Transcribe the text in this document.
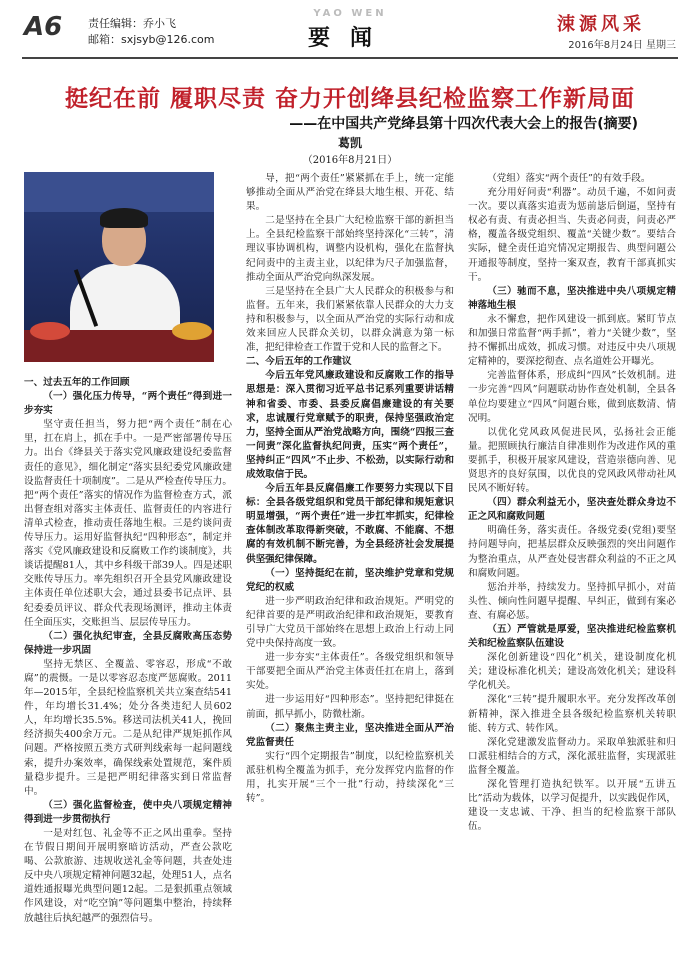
A6 责任编辑：乔小飞
邮箱：sxjsyb@126.com
YAO WEN
要闻
涑源风采
2016年8月24日 星期三
挺纪在前 履职尽责 奋力开创绛县纪检监察工作新局面
——在中国共产党绛县第十四次代表大会上的报告(摘要)
葛凯
（2016年8月21日）

一、过去五年的工作回顾

（一）强化压力传导，“两个责任”得到进一步夯实

坚守责任担当，努力把“两个责任”制在心里，扛在肩上，抓在手中。一是严密部署传导压力。出台《绛县关于落实党风廉政建设纪委监督责任的意见》，细化制定“落实县纪委党风廉政建设监督责任十项制度”。二是从严检查传导压力。把“两个责任”落实的情况作为监督检查方式，派出督查组对落实主体责任、监督责任的内容进行清单式检查，推动责任落地生根。三是约谈问责传导压力。运用好监督执纪“四种形态”，制定并落实《党风廉政建设和反腐败工作约谈制度》，共谈话提醒81人，其中乡科级干部39人。四是述职交账传导压力。率先组织召开全县党风廉政建设主体责任单位述职大会，通过县委书记点评、县纪委委员评议、群众代表现场测评，推动主体责任全面压实，交账担当、层层传导压力。

（二）强化执纪审查，全县反腐败高压态势保持进一步巩固

坚持无禁区、全覆盖、零容忍，形成“不敢腐”的震慑。一是以零容忍态度严惩腐败。2011年—2015年，全县纪检监察机关共立案查结541件，年均增长31.4%；处分各类违纪人员602人，年均增长35.5%。移送司法机关41人，挽回经济损失400余万元。二是从纪律严规矩抓作风问题。严格按照五类方式研判线索每一起问题线索，提升办案效率，确保线索处置规范，案件质量稳步提升。三是把严明纪律落实到日常监督中。

（三）强化监督检查，使中央八项规定精神得到进一步贯彻执行

一是对红包、礼金等不正之风出重拳。坚持在节假日期间开展明察暗访活动，严查公款吃喝、公款旅游、违规收送礼金等问题，共查处违反中央八项规定精神问题32起，处理51人，点名道姓通报曝光典型问题12起。二是狠抓重点领域作风建设，对“吃空饷”等问题集中整治，持续释放越往后执纪越严的强烈信号。

导，把“两个责任”紧紧抓在手上，统一定能够推动全面从严治党在绛县大地生根、开花、结果。

二是坚持在全县广大纪检监察干部的新担当上。全县纪检监察干部始终坚持深化“三转”，清理议事协调机构，调整内设机构，强化在监督执纪问责中的主责主业，以纪律为尺子加强监督，推动全面从严治党向纵深发展。

三是坚持在全县广大人民群众的积极参与和监督。五年来，我们紧紧依靠人民群众的大力支持和积极参与，以全面从严治党的实际行动和成效来回应人民群众关切，以群众满意为第一标准，把纪律检查工作置于党和人民的监督之下。

二、今后五年的工作建议

今后五年党风廉政建设和反腐败工作的指导思想是：深入贯彻习近平总书记系列重要讲话精神和省委、市委、县委反腐倡廉建设的有关要求，忠诚履行党章赋予的职责，保持坚强政治定力，坚持全面从严治党战略方向，围绕“四报三查一问责”深化监督执纪问责，压实“两个责任”，坚持纠正“四风”不止步、不松劲，以实际行动和成效取信于民。

今后五年县反腐倡廉工作要努力实现以下目标：全县各级党组织和党员干部纪律和规矩意识明显增强，“两个责任”进一步扛牢抓实，纪律检查体制改革取得新突破，不敢腐、不能腐、不想腐的有效机制不断完善，为全县经济社会发展提供坚强纪律保障。

（一）坚持挺纪在前，坚决维护党章和党规党纪的权威

进一步严明政治纪律和政治规矩。严明党的纪律首要的是严明政治纪律和政治规矩，要教育引导广大党员干部始终在思想上政治上行动上同党中央保持高度一致。

进一步夯实“主体责任”。各级党组织和领导干部要把全面从严治党主体责任扛在肩上，落到实处。

进一步运用好“四种形态”。坚持把纪律挺在前面，抓早抓小，防微杜渐。

（二）聚焦主责主业，坚决推进全面从严治党监督责任

实行“四个定期报告”制度，以纪检监察机关派驻机构全覆盖为抓手，充分发挥党内监督的作用，扎实开展“三个一批”行动，持续深化“三转”。

（党组）落实“两个责任”的有效手段。

充分用好问责“利器”。动员千遍，不如问责一次。要以真落实追责为惩前毖后倒逼，坚持有权必有责、有责必担当、失责必问责，问责必严格，覆盖各级党组织、覆盖“关键少数”。要结合实际，健全责任追究情况定期报告、典型问题公开通报等制度，坚持一案双查，教育干部真抓实干。

（三）驰而不息，坚决推进中央八项规定精神落地生根

永不懈怠，把作风建设一抓到底。紧盯节点和加强日常监督“两手抓”，着力“关键少数”，坚持不懈抓出成效，抓成习惯。对违反中央八项规定精神的，要深挖彻查、点名道姓公开曝光。

完善监督体系，形成纠“四风”长效机制。进一步完善“四风”问题联动协作查处机制，全县各单位均要建立“四风”问题台账，做到底数清、情况明。

以优化党风政风促进民风，弘扬社会正能量。把照顾执行廉洁自律准则作为改进作风的重要抓手，积极开展家风建设，营造崇德向善、见贤思齐的良好氛围，以优良的党风政风带动社风民风不断好转。

（四）群众利益无小，坚决查处群众身边不正之风和腐败问题

明确任务，落实责任。各级党委(党组)要坚持问题导向，把基层群众反映强烈的突出问题作为整治重点，从严查处侵害群众利益的不正之风和腐败问题。

惩治并举，持续发力。坚持抓早抓小，对苗头性、倾向性问题早提醒、早纠正，做到有案必查、有腐必惩。

（五）严管就是厚爱，坚决推进纪检监察机关和纪检监察队伍建设

深化创新建设“四化”机关，建设制度化机关；建设标准化机关；建设高效化机关；建设科学化机关。

深化“三转”提升履职水平。充分发挥改革创新精神，深入推进全县各级纪检监察机关转职能、转方式、转作风。

深化党建激发监督动力。采取单独派驻和归口派驻相结合的方式，深化派驻监督，实现派驻监督全覆盖。

深化管理打造执纪铁军。以开展“五讲五比”活动为载体，以学习促提升，以实践促作风，建设一支忠诚、干净、担当的纪检监察干部队伍。
